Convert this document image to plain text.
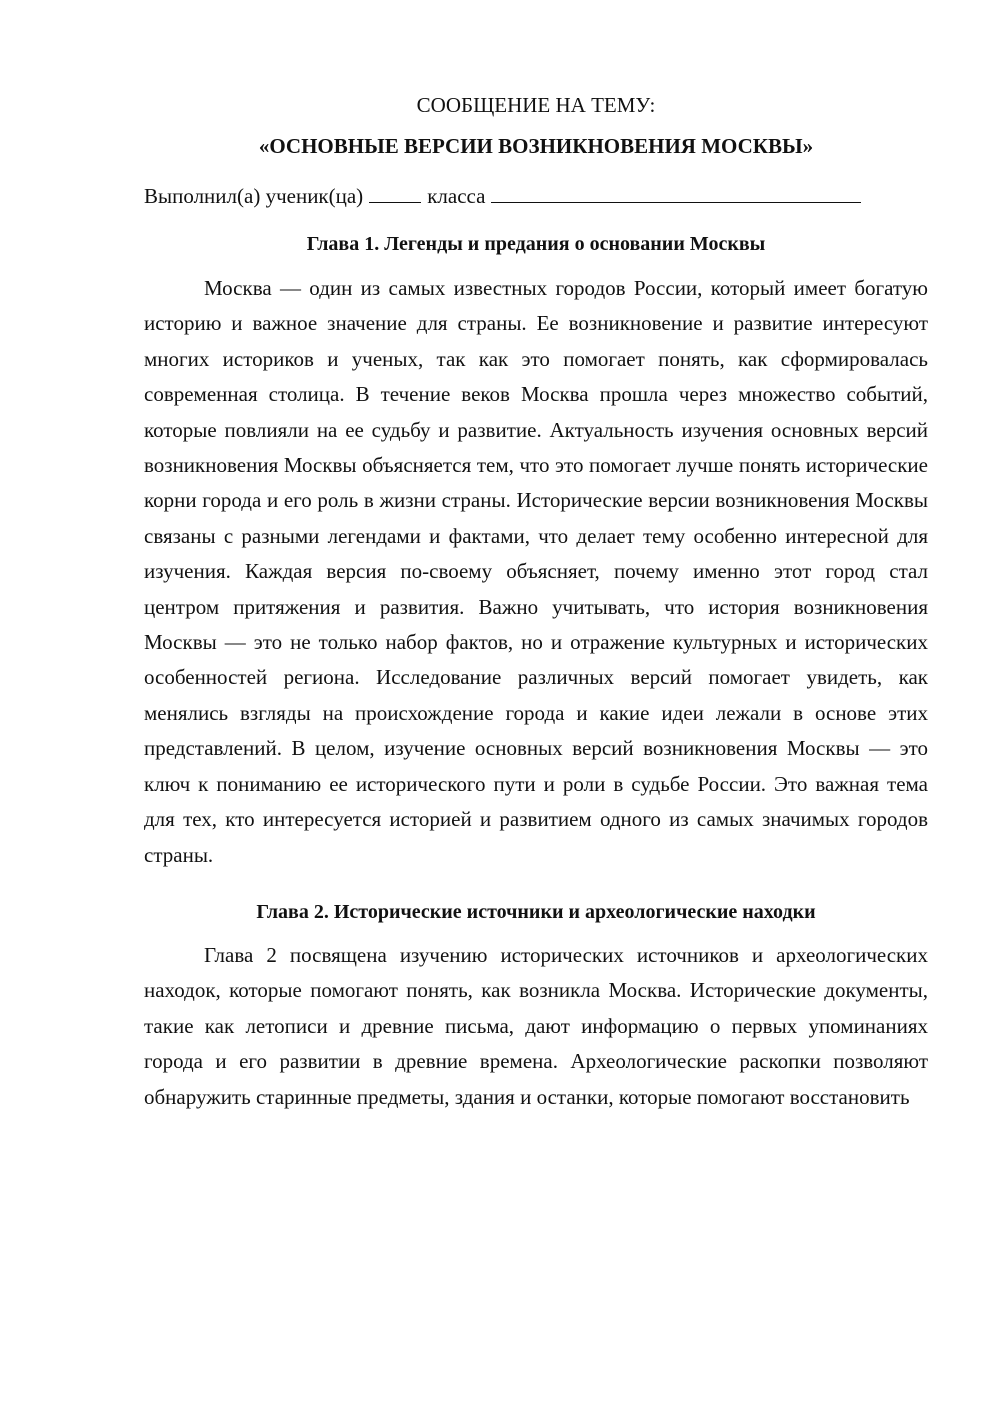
СООБЩЕНИЕ НА ТЕМУ:

«ОСНОВНЫЕ ВЕРСИИ ВОЗНИКНОВЕНИЯ МОСКВЫ»

Выполнил(а) ученик(ца)	класса
Глава 1. Легенды и предания о основании Москвы

Москва — один из самых известных городов России, который имеет богатую историю и важное значение для страны. Ее возникновение и развитие интересуют многих историков и ученых, так как это помогает понять, как сформировалась современная столица. В течение веков Москва прошла через множество событий, которые повлияли на ее судьбу и развитие. Актуальность изучения основных версий возникновения Москвы объясняется тем, что это помогает лучше понять исторические корни города и его роль в жизни страны. Исторические версии возникновения Москвы связаны с разными легендами и фактами, что делает тему особенно интересной для изучения. Каждая версия по-своему объясняет, почему именно этот город стал центром притяжения и развития. Важно учитывать, что история возникновения Москвы — это не только набор фактов, но и отражение культурных и исторических особенностей региона. Исследование различных версий помогает увидеть, как менялись взгляды на происхождение города и какие идеи лежали в основе этих представлений. В целом, изучение основных версий возникновения Москвы — это ключ к пониманию ее исторического пути и роли в судьбе России. Это важная тема для тех, кто интересуется историей и развитием одного из самых значимых городов страны.

Глава 2. Исторические источники и археологические находки

Глава 2 посвящена изучению исторических источников и археологических находок, которые помогают понять, как возникла Москва. Исторические документы, такие как летописи и древние письма, дают информацию о первых упоминаниях города и его развитии в древние времена. Археологические раскопки позволяют обнаружить старинные предметы, здания и останки, которые помогают восстановить
